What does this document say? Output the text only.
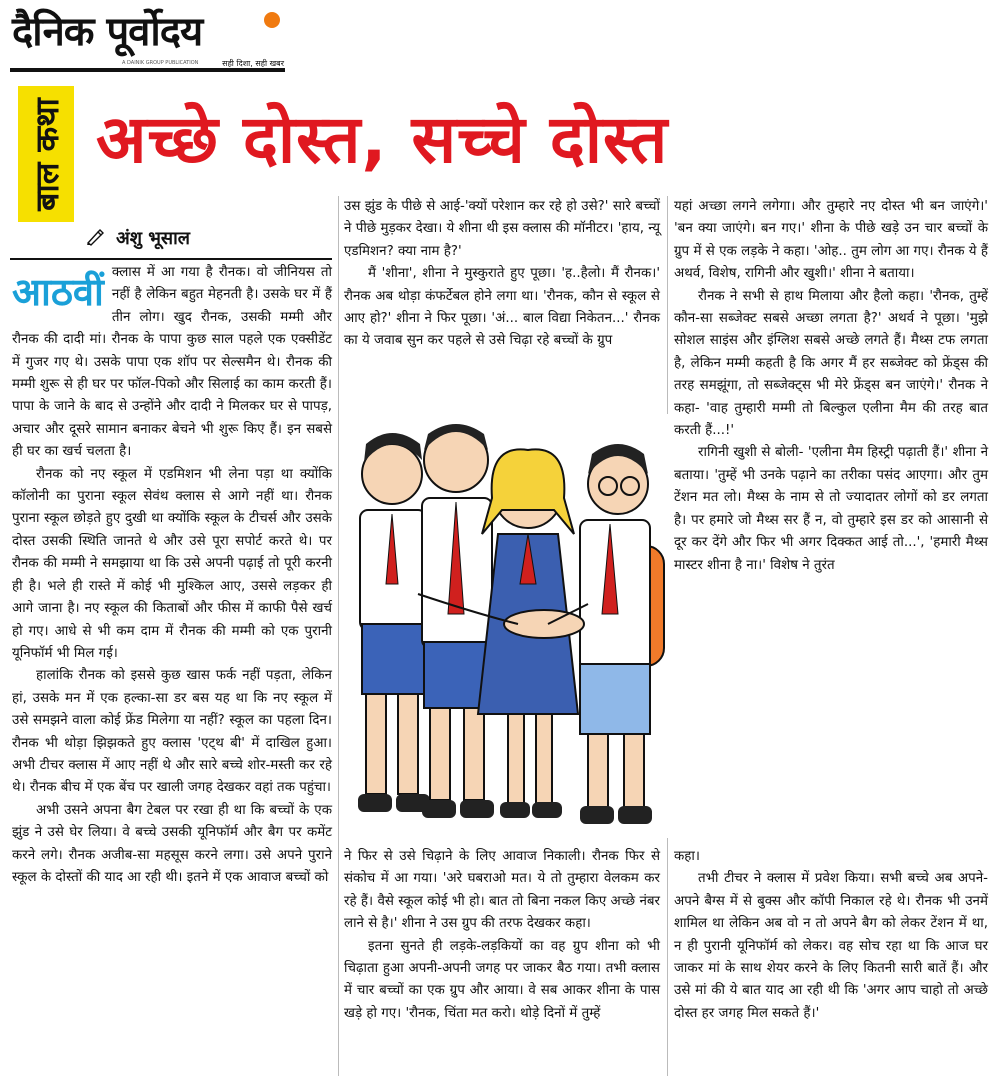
दैनिक पूर्वोदय
A DAINIK GROUP PUBLICATION	सही दिशा, सही खबर
बाल कथा अच्छे दोस्त, सच्चे दोस्त
अंशु भूसाल

आठवीं क्लास में आ गया है रौनक। वो जीनियस तो नहीं है लेकिन बहुत मेहनती है। उसके घर में हैं तीन लोग। खुद रौनक, उसकी मम्मी और रौनक की दादी मां। रौनक के पापा कुछ साल पहले एक एक्सीडेंट में गुजर गए थे। उसके पापा एक शॉप पर सेल्समैन थे। रौनक की मम्मी शुरू से ही घर पर फॉल-पिको और सिलाई का काम करती हैं। पापा के जाने के बाद से उन्होंने और दादी ने मिलकर घर से पापड़, अचार और दूसरे सामान बनाकर बेचने भी शुरू किए हैं। इन सबसे ही घर का खर्च चलता है।

रौनक को नए स्कूल में एडमिशन भी लेना पड़ा था क्योंकि कॉलोनी का पुराना स्कूल सेवंथ क्लास से आगे नहीं था। रौनक पुराना स्कूल छोड़ते हुए दुखी था क्योंकि स्कूल के टीचर्स और उसके दोस्त उसकी स्थिति जानते थे और उसे पूरा सपोर्ट करते थे। पर रौनक की मम्मी ने समझाया था कि उसे अपनी पढ़ाई तो पूरी करनी ही है। भले ही रास्ते में कोई भी मुश्किल आए, उससे लड़कर ही आगे जाना है। नए स्कूल की किताबों और फीस में काफी पैसे खर्च हो गए। आधे से भी कम दाम में रौनक की मम्मी को एक पुरानी यूनिफॉर्म भी मिल गई।

हालांकि रौनक को इससे कुछ खास फर्क नहीं पड़ता, लेकिन हां, उसके मन में एक हल्का-सा डर बस यह था कि नए स्कूल में उसे समझने वाला कोई फ्रेंड मिलेगा या नहीं? स्कूल का पहला दिन। रौनक भी थोड़ा झिझकते हुए क्लास 'एट्थ बी' में दाखिल हुआ। अभी टीचर क्लास में आए नहीं थे और सारे बच्चे शोर-मस्ती कर रहे थे। रौनक बीच में एक बेंच पर खाली जगह देखकर वहां तक पहुंचा।

अभी उसने अपना बैग टेबल पर रखा ही था कि बच्चों के एक झुंड ने उसे घेर लिया। वे बच्चे उसकी यूनिफॉर्म और बैग पर कमेंट करने लगे। रौनक अजीब-सा महसूस करने लगा। उसे अपने पुराने स्कूल के दोस्तों की याद आ रही थी। इतने में एक आवाज बच्चों को

उस झुंड के पीछे से आई-'क्यों परेशान कर रहे हो उसे?' सारे बच्चों ने पीछे मुड़कर देखा। ये शीना थी इस क्लास की मॉनीटर। 'हाय, न्यू एडमिशन? क्या नाम है?'

मैं 'शीना', शीना ने मुस्कुराते हुए पूछा। 'ह..हैलो। मैं रौनक।' रौनक अब थोड़ा कंफर्टेबल होने लगा था। 'रौनक, कौन से स्कूल से आए हो?' शीना ने फिर पूछा। 'अं... बाल विद्या निकेतन...' रौनक का ये जवाब सुन कर पहले से उसे चिढ़ा रहे बच्चों के ग्रुप

यहां अच्छा लगने लगेगा। और तुम्हारे नए दोस्त भी बन जाएंगे।' 'बन क्या जाएंगे। बन गए।' शीना के पीछे खड़े उन चार बच्चों के ग्रुप में से एक लड़के ने कहा। 'ओह.. तुम लोग आ गए। रौनक ये हैं अथर्व, विशेष, रागिनी और खुशी।' शीना ने बताया।

रौनक ने सभी से हाथ मिलाया और हैलो कहा। 'रौनक, तुम्हें कौन-सा सब्जेक्ट सबसे अच्छा लगता है?' अथर्व ने पूछा। 'मुझे सोशल साइंस और इंग्लिश सबसे अच्छे लगते हैं। मैथ्स टफ लगता है, लेकिन मम्मी कहती है कि अगर मैं हर सब्जेक्ट को फ्रेंड्स की तरह समझूंगा, तो सब्जेक्ट्स भी मेरे फ्रेंड्स बन जाएंगे।' रौनक ने कहा- 'वाह तुम्हारी मम्मी तो बिल्कुल एलीना मैम की तरह बात करती हैं...!'

रागिनी खुशी से बोली- 'एलीना मैम हिस्ट्री पढ़ाती हैं।' शीना ने बताया। 'तुम्हें भी उनके पढ़ाने का तरीका पसंद आएगा। और तुम टेंशन मत लो। मैथ्स के नाम से तो ज्यादातर लोगों को डर लगता है। पर हमारे जो मैथ्स सर हैं न, वो तुम्हारे इस डर को आसानी से दूर कर देंगे और फिर भी अगर दिक्कत आई तो...', 'हमारी मैथ्स मास्टर शीना है ना।' विशेष ने तुरंत

ने फिर से उसे चिढ़ाने के लिए आवाज निकाली। रौनक फिर से संकोच में आ गया। 'अरे घबराओ मत। ये तो तुम्हारा वेलकम कर रहे हैं। वैसे स्कूल कोई भी हो। बात तो बिना नकल किए अच्छे नंबर लाने से है।' शीना ने उस ग्रुप की तरफ देखकर कहा।

इतना सुनते ही लड़के-लड़कियों का वह ग्रुप शीना को भी चिढ़ाता हुआ अपनी-अपनी जगह पर जाकर बैठ गया। तभी क्लास में चार बच्चों का एक ग्रुप और आया। वे सब आकर शीना के पास खड़े हो गए। 'रौनक, चिंता मत करो। थोड़े दिनों में तुम्हें

कहा।

तभी टीचर ने क्लास में प्रवेश किया। सभी बच्चे अब अपने-अपने बैग्स में से बुक्स और कॉपी निकाल रहे थे। रौनक भी उनमें शामिल था लेकिन अब वो न तो अपने बैग को लेकर टेंशन में था, न ही पुरानी यूनिफॉर्म को लेकर। वह सोच रहा था कि आज घर जाकर मां के साथ शेयर करने के लिए कितनी सारी बातें हैं। और उसे मां की ये बात याद आ रही थी कि 'अगर आप चाहो तो अच्छे दोस्त हर जगह मिल सकते हैं।'
